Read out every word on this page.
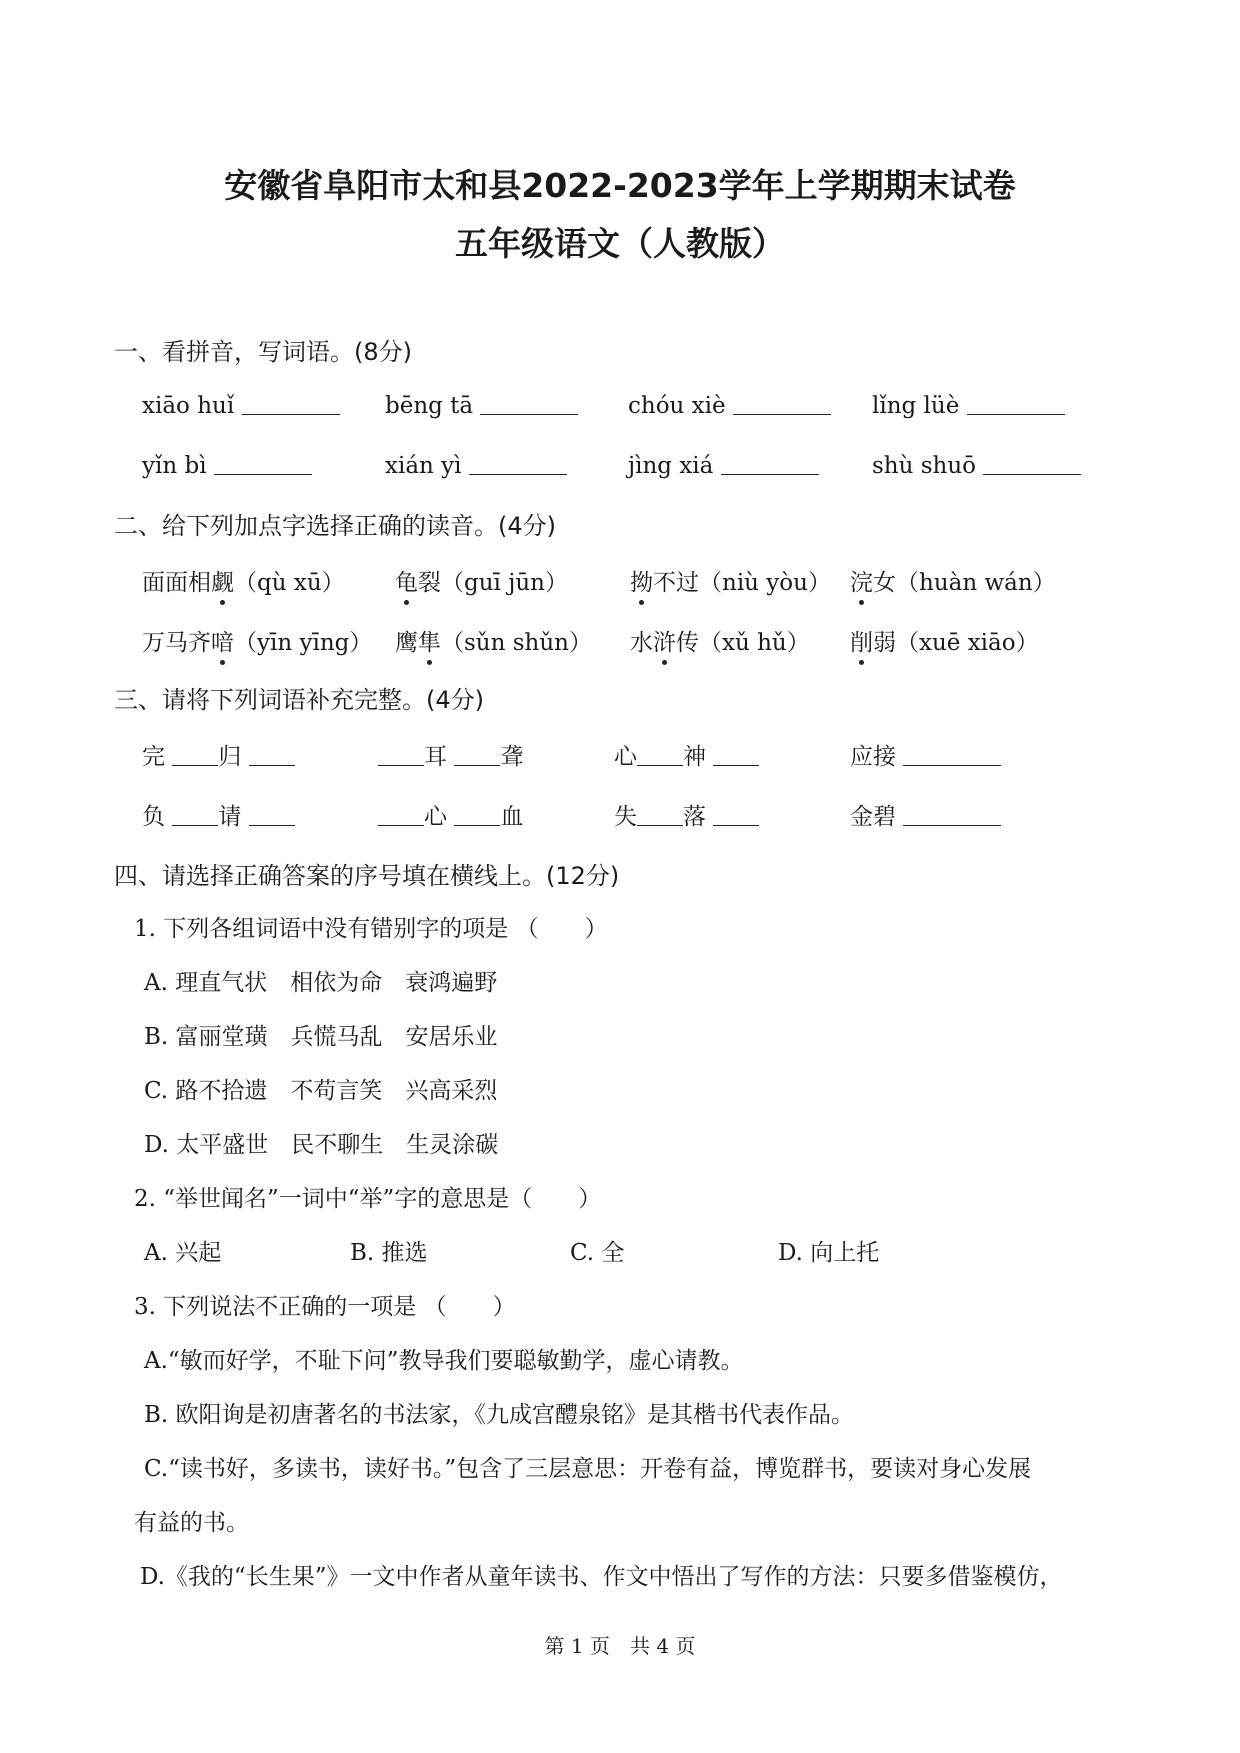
安徽省阜阳市太和县2022-2023学年上学期期末试卷
五年级语文（人教版）
一、看拼音，写词语。(8分)
xiāo huǐ	bēng tā	chóu xiè	lǐng lüè
yǐn bì	xián yì	jìng xiá	shù shuō
二、给下列加点字选择正确的读音。(4分)
面面相觑（qù xū） 龟裂（guī jūn）	拗不过（niù yòu） 浣女（huàn wán）
万马齐喑（yīn yīng） 鹰隼（sǔn shǔn） 水浒传（xǔ hǔ） 削弱（xuē xiāo）
三、请将下列词语补充完整。(4分)
完 归	耳 聋	心 神	应接
负 请	心 血	失 落	金碧
四、请选择正确答案的序号填在横线上。(12分)
1. 下列各组词语中没有错别字的项是 （　　）
A. 理直气状　相依为命　衰鸿遍野
B. 富丽堂璜　兵慌马乱　安居乐业
C. 路不拾遗　不苟言笑　兴高采烈
D. 太平盛世　民不聊生　生灵涂碳
2. “举世闻名”一词中“举”字的意思是（　　）
A. 兴起	B. 推选	C. 全	D. 向上托
3. 下列说法不正确的一项是 （　　）
A.“敏而好学，不耻下问”教导我们要聪敏勤学，虚心请教。
B. 欧阳询是初唐著名的书法家，《九成宫醴泉铭》是其楷书代表作品。
C.“读书好，多读书，读好书。”包含了三层意思：开卷有益，博览群书，要读对身心发展
有益的书。
D.《我的“长生果”》一文中作者从童年读书、作文中悟出了写作的方法：只要多借鉴模仿，
第 1 页　共 4 页
